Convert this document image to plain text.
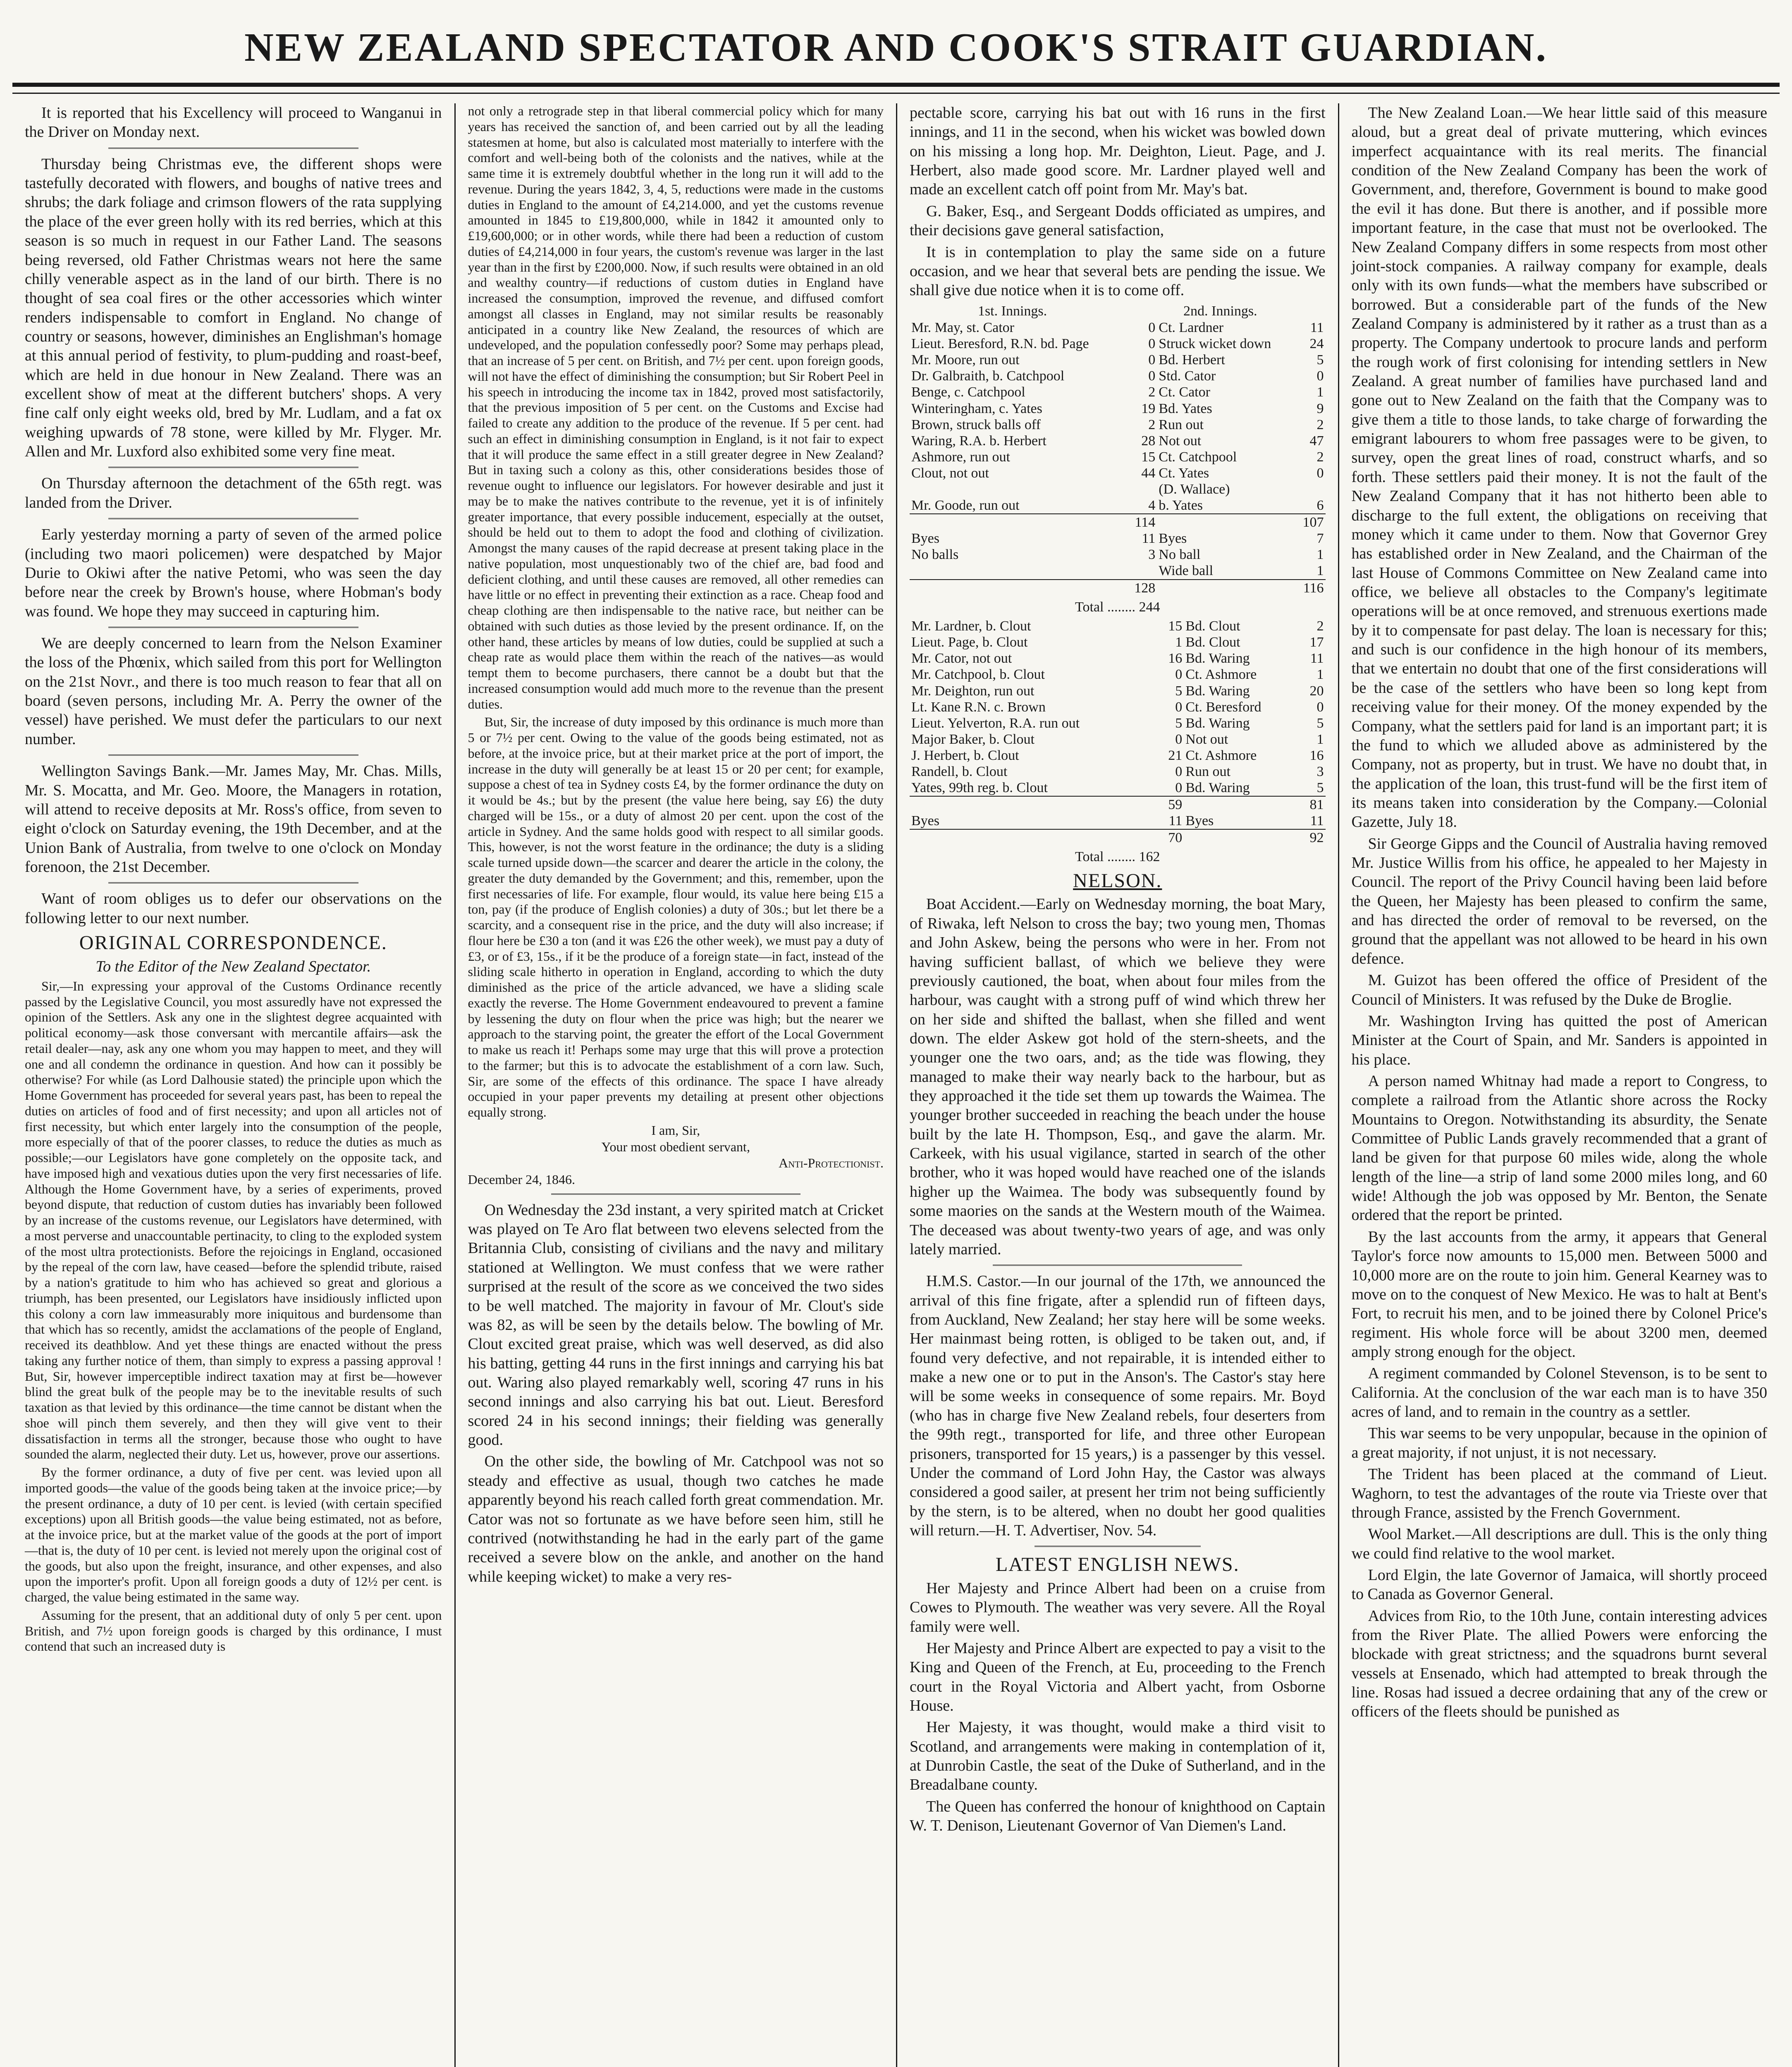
NEW ZEALAND SPECTATOR AND COOK'S STRAIT GUARDIAN.

It is reported that his Excellency will proceed to Wanganui in the Driver on Monday next.

Thursday being Christmas eve, the different shops were tastefully decorated with flowers, and boughs of native trees and shrubs; the dark foliage and crimson flowers of the rata supplying the place of the ever green holly with its red berries, which at this season is so much in request in our Father Land. The seasons being reversed, old Father Christmas wears not here the same chilly venerable aspect as in the land of our birth. There is no thought of sea coal fires or the other accessories which winter renders indispensable to comfort in England. No change of country or seasons, however, diminishes an Englishman's homage at this annual period of festivity, to plum-pudding and roast-beef, which are held in due honour in New Zealand. There was an excellent show of meat at the different butchers' shops. A very fine calf only eight weeks old, bred by Mr. Ludlam, and a fat ox weighing upwards of 78 stone, were killed by Mr. Flyger. Mr. Allen and Mr. Luxford also exhibited some very fine meat.

On Thursday afternoon the detachment of the 65th regt. was landed from the Driver.

Early yesterday morning a party of seven of the armed police (including two maori policemen) were despatched by Major Durie to Okiwi after the native Petomi, who was seen the day before near the creek by Brown's house, where Hobman's body was found. We hope they may succeed in capturing him.

We are deeply concerned to learn from the Nelson Examiner the loss of the Phœnix, which sailed from this port for Wellington on the 21st Novr., and there is too much reason to fear that all on board (seven persons, including Mr. A. Perry the owner of the vessel) have perished. We must defer the particulars to our next number.

Wellington Savings Bank.—Mr. James May, Mr. Chas. Mills, Mr. S. Mocatta, and Mr. Geo. Moore, the Managers in rotation, will attend to receive deposits at Mr. Ross's office, from seven to eight o'clock on Saturday evening, the 19th December, and at the Union Bank of Australia, from twelve to one o'clock on Monday forenoon, the 21st December.

Want of room obliges us to defer our observations on the following letter to our next number.

ORIGINAL CORRESPONDENCE.
To the Editor of the New Zealand Spectator.

Sir,—In expressing your approval of the Customs Ordinance recently passed by the Legislative Council, you most assuredly have not expressed the opinion of the Settlers. Ask any one in the slightest degree acquainted with political economy—ask those conversant with mercantile affairs—ask the retail dealer—nay, ask any one whom you may happen to meet, and they will one and all condemn the ordinance in question. And how can it possibly be otherwise? For while (as Lord Dalhousie stated) the principle upon which the Home Government has proceeded for several years past, has been to repeal the duties on articles of food and of first necessity; and upon all articles not of first necessity, but which enter largely into the consumption of the people, more especially of that of the poorer classes, to reduce the duties as much as possible;—our Legislators have gone completely on the opposite tack, and have imposed high and vexatious duties upon the very first necessaries of life. Although the Home Government have, by a series of experiments, proved beyond dispute, that reduction of custom duties has invariably been followed by an increase of the customs revenue, our Legislators have determined, with a most perverse and unaccountable pertinacity, to cling to the exploded system of the most ultra protectionists. Before the rejoicings in England, occasioned by the repeal of the corn law, have ceased—before the splendid tribute, raised by a nation's gratitude to him who has achieved so great and glorious a triumph, has been presented, our Legislators have insidiously inflicted upon this colony a corn law immeasurably more iniquitous and burdensome than that which has so recently, amidst the acclamations of the people of England, received its deathblow. And yet these things are enacted without the press taking any further notice of them, than simply to express a passing approval ! But, Sir, however imperceptible indirect taxation may at first be—however blind the great bulk of the people may be to the inevitable results of such taxation as that levied by this ordinance—the time cannot be distant when the shoe will pinch them severely, and then they will give vent to their dissatisfaction in terms all the stronger, because those who ought to have sounded the alarm, neglected their duty. Let us, however, prove our assertions.

By the former ordinance, a duty of five per cent. was levied upon all imported goods—the value of the goods being taken at the invoice price;—by the present ordinance, a duty of 10 per cent. is levied (with certain specified exceptions) upon all British goods—the value being estimated, not as before, at the invoice price, but at the market value of the goods at the port of import—that is, the duty of 10 per cent. is levied not merely upon the original cost of the goods, but also upon the freight, insurance, and other expenses, and also upon the importer's profit. Upon all foreign goods a duty of 12½ per cent. is charged, the value being estimated in the same way.

Assuming for the present, that an additional duty of only 5 per cent. upon British, and 7½ upon foreign goods is charged by this ordinance, I must contend that such an increased duty is

not only a retrograde step in that liberal commercial policy which for many years has received the sanction of, and been carried out by all the leading statesmen at home, but also is calculated most materially to interfere with the comfort and well-being both of the colonists and the natives, while at the same time it is extremely doubtful whether in the long run it will add to the revenue. During the years 1842, 3, 4, 5, reductions were made in the customs duties in England to the amount of £4,214.000, and yet the customs revenue amounted in 1845 to £19,800,000, while in 1842 it amounted only to £19,600,000; or in other words, while there had been a reduction of custom duties of £4,214,000 in four years, the custom's revenue was larger in the last year than in the first by £200,000. Now, if such results were obtained in an old and wealthy country—if reductions of custom duties in England have increased the consumption, improved the revenue, and diffused comfort amongst all classes in England, may not similar results be reasonably anticipated in a country like New Zealand, the resources of which are undeveloped, and the population confessedly poor? Some may perhaps plead, that an increase of 5 per cent. on British, and 7½ per cent. upon foreign goods, will not have the effect of diminishing the consumption; but Sir Robert Peel in his speech in introducing the income tax in 1842, proved most satisfactorily, that the previous imposition of 5 per cent. on the Customs and Excise had failed to create any addition to the produce of the revenue. If 5 per cent. had such an effect in diminishing consumption in England, is it not fair to expect that it will produce the same effect in a still greater degree in New Zealand? But in taxing such a colony as this, other considerations besides those of revenue ought to influence our legislators. For however desirable and just it may be to make the natives contribute to the revenue, yet it is of infinitely greater importance, that every possible inducement, especially at the outset, should be held out to them to adopt the food and clothing of civilization. Amongst the many causes of the rapid decrease at present taking place in the native population, most unquestionably two of the chief are, bad food and deficient clothing, and until these causes are removed, all other remedies can have little or no effect in preventing their extinction as a race. Cheap food and cheap clothing are then indispensable to the native race, but neither can be obtained with such duties as those levied by the present ordinance. If, on the other hand, these articles by means of low duties, could be supplied at such a cheap rate as would place them within the reach of the natives—as would tempt them to become purchasers, there cannot be a doubt but that the increased consumption would add much more to the revenue than the present duties.

But, Sir, the increase of duty imposed by this ordinance is much more than 5 or 7½ per cent. Owing to the value of the goods being estimated, not as before, at the invoice price, but at their market price at the port of import, the increase in the duty will generally be at least 15 or 20 per cent; for example, suppose a chest of tea in Sydney costs £4, by the former ordinance the duty on it would be 4s.; but by the present (the value here being, say £6) the duty charged will be 15s., or a duty of almost 20 per cent. upon the cost of the article in Sydney. And the same holds good with respect to all similar goods. This, however, is not the worst feature in the ordinance; the duty is a sliding scale turned upside down—the scarcer and dearer the article in the colony, the greater the duty demanded by the Government; and this, remember, upon the first necessaries of life. For example, flour would, its value here being £15 a ton, pay (if the produce of English colonies) a duty of 30s.; but let there be a scarcity, and a consequent rise in the price, and the duty will also increase; if flour here be £30 a ton (and it was £26 the other week), we must pay a duty of £3, or of £3, 15s., if it be the produce of a foreign state—in fact, instead of the sliding scale hitherto in operation in England, according to which the duty diminished as the price of the article advanced, we have a sliding scale exactly the reverse. The Home Government endeavoured to prevent a famine by lessening the duty on flour when the price was high; but the nearer we approach to the starving point, the greater the effort of the Local Government to make us reach it! Perhaps some may urge that this will prove a protection to the farmer; but this is to advocate the establishment of a corn law. Such, Sir, are some of the effects of this ordinance. The space I have already occupied in your paper prevents my detailing at present other objections equally strong.

I am, Sir,
Your most obedient servant,
Anti-Protectionist.
December 24, 1846.

On Wednesday the 23d instant, a very spirited match at Cricket was played on Te Aro flat between two elevens selected from the Britannia Club, consisting of civilians and the navy and military stationed at Wellington. We must confess that we were rather surprised at the result of the score as we conceived the two sides to be well matched. The majority in favour of Mr. Clout's side was 82, as will be seen by the details below. The bowling of Mr. Clout excited great praise, which was well deserved, as did also his batting, getting 44 runs in the first innings and carrying his bat out. Waring also played remarkably well, scoring 47 runs in his second innings and also carrying his bat out. Lieut. Beresford scored 24 in his second innings; their fielding was generally good.

On the other side, the bowling of Mr. Catchpool was not so steady and effective as usual, though two catches he made apparently beyond his reach called forth great commendation. Mr. Cator was not so fortunate as we have before seen him, still he contrived (notwithstanding he had in the early part of the game received a severe blow on the ankle, and another on the hand while keeping wicket) to make a very res-

pectable score, carrying his bat out with 16 runs in the first innings, and 11 in the second, when his wicket was bowled down on his missing a long hop. Mr. Deighton, Lieut. Page, and J. Herbert, also made good score. Mr. Lardner played well and made an excellent catch off point from Mr. May's bat.

G. Baker, Esq., and Sergeant Dodds officiated as umpires, and their decisions gave general satisfaction,

It is in contemplation to play the same side on a future occasion, and we hear that several bets are pending the issue. We shall give due notice when it is to come off.

1st. Innings.	2nd. Innings.
Mr. May, st. Cator	0	Ct. Lardner	11
Lieut. Beresford, R.N. bd. Page	0	Struck wicket down	24
Mr. Moore, run out	0	Bd. Herbert	5
Dr. Galbraith, b. Catchpool	0	Std. Cator	0
Benge, c. Catchpool	2	Ct. Cator	1
Winteringham, c. Yates	19	Bd. Yates	9
Brown, struck balls off	2	Run out	2
Waring, R.A. b. Herbert	28	Not out	47
Ashmore, run out	15	Ct. Catchpool	2
Clout, not out	44	Ct. Yates	0
		(D. Wallace)	
Mr. Goode, run out	4	b. Yates	6
	114		107
Byes	11	Byes	7
No balls	3	No ball	1
		Wide ball	1
	128		116
Total ........ 244
Mr. Lardner, b. Clout	15	Bd. Clout	2
Lieut. Page, b. Clout	1	Bd. Clout	17
Mr. Cator, not out	16	Bd. Waring	11
Mr. Catchpool, b. Clout	0	Ct. Ashmore	1
Mr. Deighton, run out	5	Bd. Waring	20
Lt. Kane R.N. c. Brown	0	Ct. Beresford	0
Lieut. Yelverton, R.A. run out	5	Bd. Waring	5
Major Baker, b. Clout	0	Not out	1
J. Herbert, b. Clout	21	Ct. Ashmore	16
Randell, b. Clout	0	Run out	3
Yates, 99th reg. b. Clout	0	Bd. Waring	5
	59		81
Byes	11	Byes	11
	70		92
Total ........ 162
NELSON.

Boat Accident.—Early on Wednesday morning, the boat Mary, of Riwaka, left Nelson to cross the bay; two young men, Thomas and John Askew, being the persons who were in her. From not having sufficient ballast, of which we believe they were previously cautioned, the boat, when about four miles from the harbour, was caught with a strong puff of wind which threw her on her side and shifted the ballast, when she filled and went down. The elder Askew got hold of the stern-sheets, and the younger one the two oars, and; as the tide was flowing, they managed to make their way nearly back to the harbour, but as they approached it the tide set them up towards the Waimea. The younger brother succeeded in reaching the beach under the house built by the late H. Thompson, Esq., and gave the alarm. Mr. Carkeek, with his usual vigilance, started in search of the other brother, who it was hoped would have reached one of the islands higher up the Waimea. The body was subsequently found by some maories on the sands at the Western mouth of the Waimea. The deceased was about twenty-two years of age, and was only lately married.

H.M.S. Castor.—In our journal of the 17th, we announced the arrival of this fine frigate, after a splendid run of fifteen days, from Auckland, New Zealand; her stay here will be some weeks. Her mainmast being rotten, is obliged to be taken out, and, if found very defective, and not repairable, it is intended either to make a new one or to put in the Anson's. The Castor's stay here will be some weeks in consequence of some repairs. Mr. Boyd (who has in charge five New Zealand rebels, four deserters from the 99th regt., transported for life, and three other European prisoners, transported for 15 years,) is a passenger by this vessel. Under the command of Lord John Hay, the Castor was always considered a good sailer, at present her trim not being sufficiently by the stern, is to be altered, when no doubt her good qualities will return.—H. T. Advertiser, Nov. 54.

LATEST ENGLISH NEWS.

Her Majesty and Prince Albert had been on a cruise from Cowes to Plymouth. The weather was very severe. All the Royal family were well.

Her Majesty and Prince Albert are expected to pay a visit to the King and Queen of the French, at Eu, proceeding to the French court in the Royal Victoria and Albert yacht, from Osborne House.

Her Majesty, it was thought, would make a third visit to Scotland, and arrangements were making in contemplation of it, at Dunrobin Castle, the seat of the Duke of Sutherland, and in the Breadalbane county.

The Queen has conferred the honour of knighthood on Captain W. T. Denison, Lieutenant Governor of Van Diemen's Land.

The New Zealand Loan.—We hear little said of this measure aloud, but a great deal of private muttering, which evinces imperfect acquaintance with its real merits. The financial condition of the New Zealand Company has been the work of Government, and, therefore, Government is bound to make good the evil it has done. But there is another, and if possible more important feature, in the case that must not be overlooked. The New Zealand Company differs in some respects from most other joint-stock companies. A railway company for example, deals only with its own funds—what the members have subscribed or borrowed. But a considerable part of the funds of the New Zealand Company is administered by it rather as a trust than as a property. The Company undertook to procure lands and perform the rough work of first colonising for intending settlers in New Zealand. A great number of families have purchased land and gone out to New Zealand on the faith that the Company was to give them a title to those lands, to take charge of forwarding the emigrant labourers to whom free passages were to be given, to survey, open the great lines of road, construct wharfs, and so forth. These settlers paid their money. It is not the fault of the New Zealand Company that it has not hitherto been able to discharge to the full extent, the obligations on receiving that money which it came under to them. Now that Governor Grey has established order in New Zealand, and the Chairman of the last House of Commons Committee on New Zealand came into office, we believe all obstacles to the Company's legitimate operations will be at once removed, and strenuous exertions made by it to compensate for past delay. The loan is necessary for this; and such is our confidence in the high honour of its members, that we entertain no doubt that one of the first considerations will be the case of the settlers who have been so long kept from receiving value for their money. Of the money expended by the Company, what the settlers paid for land is an important part; it is the fund to which we alluded above as administered by the Company, not as property, but in trust. We have no doubt that, in the application of the loan, this trust-fund will be the first item of its means taken into consideration by the Company.—Colonial Gazette, July 18.

Sir George Gipps and the Council of Australia having removed Mr. Justice Willis from his office, he appealed to her Majesty in Council. The report of the Privy Council having been laid before the Queen, her Majesty has been pleased to confirm the same, and has directed the order of removal to be reversed, on the ground that the appellant was not allowed to be heard in his own defence.

M. Guizot has been offered the office of President of the Council of Ministers. It was refused by the Duke de Broglie.

Mr. Washington Irving has quitted the post of American Minister at the Court of Spain, and Mr. Sanders is appointed in his place.

A person named Whitnay had made a report to Congress, to complete a railroad from the Atlantic shore across the Rocky Mountains to Oregon. Notwithstanding its absurdity, the Senate Committee of Public Lands gravely recommended that a grant of land be given for that purpose 60 miles wide, along the whole length of the line—a strip of land some 2000 miles long, and 60 wide! Although the job was opposed by Mr. Benton, the Senate ordered that the report be printed.

By the last accounts from the army, it appears that General Taylor's force now amounts to 15,000 men. Between 5000 and 10,000 more are on the route to join him. General Kearney was to move on to the conquest of New Mexico. He was to halt at Bent's Fort, to recruit his men, and to be joined there by Colonel Price's regiment. His whole force will be about 3200 men, deemed amply strong enough for the object.

A regiment commanded by Colonel Stevenson, is to be sent to California. At the conclusion of the war each man is to have 350 acres of land, and to remain in the country as a settler.

This war seems to be very unpopular, because in the opinion of a great majority, if not unjust, it is not necessary.

The Trident has been placed at the command of Lieut. Waghorn, to test the advantages of the route via Trieste over that through France, assisted by the French Government.

Wool Market.—All descriptions are dull. This is the only thing we could find relative to the wool market.

Lord Elgin, the late Governor of Jamaica, will shortly proceed to Canada as Governor General.

Advices from Rio, to the 10th June, contain interesting advices from the River Plate. The allied Powers were enforcing the blockade with great strictness; and the squadrons burnt several vessels at Ensenado, which had attempted to break through the line. Rosas had issued a decree ordaining that any of the crew or officers of the fleets should be punished as
